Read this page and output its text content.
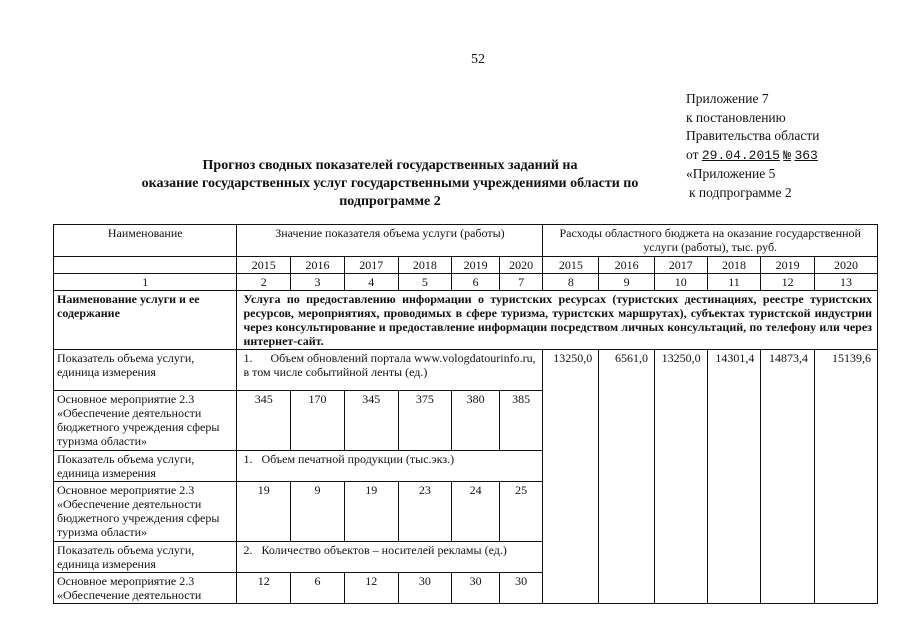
52
Приложение 7
к постановлению
Правительства области
от 29.04.2015 № 363
«Приложение 5
к подпрограмме 2
Прогноз сводных показателей государственных заданий на
оказание государственных услуг государственными учреждениями области по
подпрограмме 2
Наименование	Значение показателя объема услуги (работы)						Расходы областного бюджета на оказание государственной услуги (работы), тыс. руб.					
	2015	2016	2017	2018	2019	2020	2015	2016	2017	2018	2019	2020
1	2	3	4	5	6	7	8	9	10	11	12	13
Наименование услуги и ее содержание	Услуга по предоставлению информации о туристских ресурсах (туристских дестинациях, реестре туристских ресурсов, мероприятиях, проводимых в сфере туризма, туристских маршрутах), субъектах туристской индустрии через консультирование и предоставление информации посредством личных консультаций, по телефону или через интернет-сайт.											
Показатель объема услуги, единица измерения	1. Объем обновлений портала www.vologdatourinfo.ru, в том числе событийной ленты (ед.)						13250,0	6561,0	13250,0	14301,4	14873,4	15139,6
Основное мероприятие 2.3 «Обеспечение деятельности бюджетного учреждения сферы туризма области»	345	170	345	375	380	385						
Показатель объема услуги, единица измерения	1. Объем печатной продукции (тыс.экз.)											
Основное мероприятие 2.3 «Обеспечение деятельности бюджетного учреждения сферы туризма области»	19	9	19	23	24	25						
Показатель объема услуги, единица измерения	2. Количество объектов – носителей рекламы (ед.)											
Основное мероприятие 2.3 «Обеспечение деятельности	12	6	12	30	30	30						
